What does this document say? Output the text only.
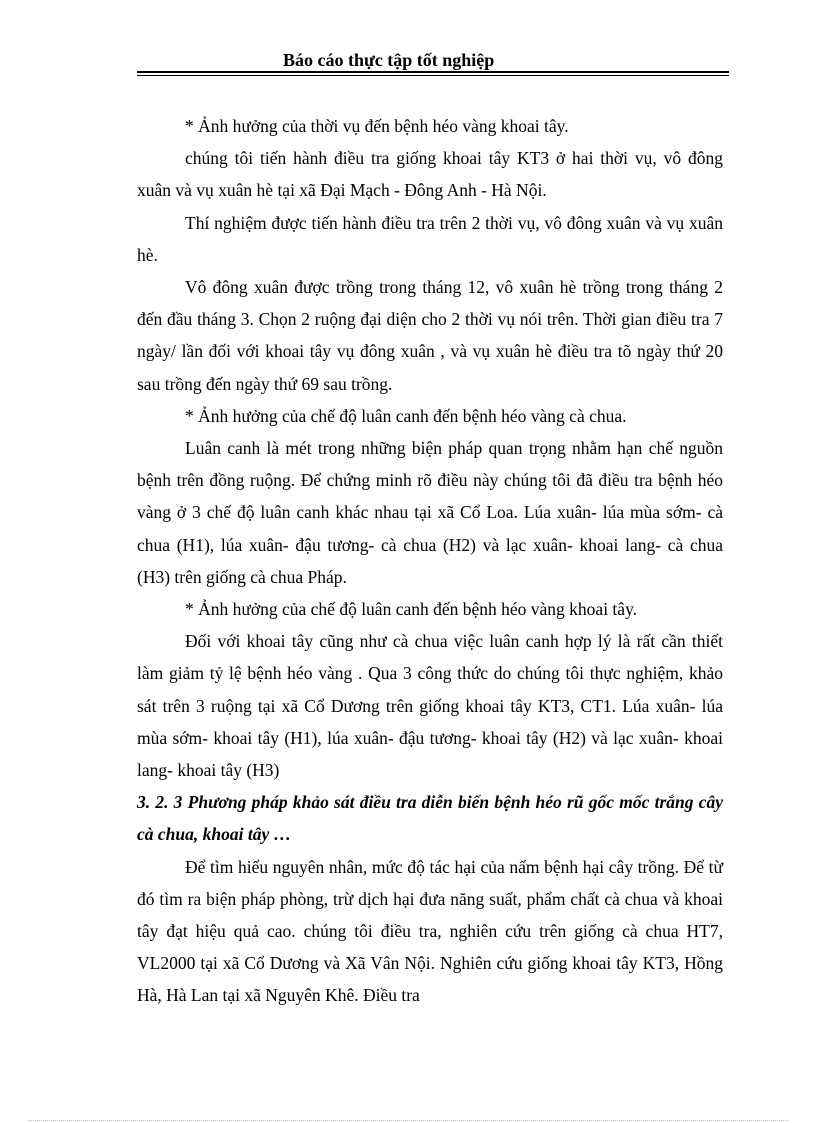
Báo cáo thực tập tốt nghiệp

* Ảnh hưởng của thời vụ đến bệnh héo vàng khoai tây.

chúng tôi tiến hành điều tra giống khoai tây KT3 ở hai thời vụ, vô đông xuân và vụ xuân hè tại xã Đại Mạch - Đông Anh - Hà Nội.

Thí nghiệm được tiến hành điều tra trên 2 thời vụ, vô đông xuân và vụ xuân hè.

Vô đông xuân được trồng trong tháng 12, vô xuân hè trồng trong tháng 2 đến đầu tháng 3. Chọn 2 ruộng đại diện cho 2 thời vụ nói trên. Thời gian điều tra 7 ngày/ lần đối với khoai tây vụ đông xuân , và vụ xuân hè điều tra tõ ngày thứ 20 sau trồng đến ngày thứ 69 sau trồng.

* Ảnh hưởng của chế độ luân canh đến bệnh héo vàng cà chua.

Luân canh là mét trong những biện pháp quan trọng nhằm hạn chế nguồn bệnh trên đồng ruộng. Để chứng minh rõ điều này chúng tôi đã điều tra bệnh héo vàng ở 3 chế độ luân canh khác nhau tại xã Cổ Loa. Lúa xuân- lúa mùa sớm- cà chua (H1), lúa xuân- đậu tương- cà chua (H2) và lạc xuân- khoai lang- cà chua (H3) trên giống cà chua Pháp.

* Ảnh hưởng của chế độ luân canh đến bệnh héo vàng khoai tây.

Đối với khoai tây cũng như cà chua việc luân canh hợp lý là rất cần thiết làm giảm tỷ lệ bệnh héo vàng . Qua 3 công thức do chúng tôi thực nghiệm, khảo sát trên 3 ruộng tại xã Cổ Dương trên giống khoai tây KT3, CT1. Lúa xuân- lúa mùa sớm- khoai tây (H1), lúa xuân- đậu tương- khoai tây (H2) và lạc xuân- khoai lang- khoai tây (H3)

3. 2. 3 Phương pháp khảo sát điều tra diễn biến bệnh héo rũ gốc mốc trắng cây cà chua, khoai tây …

Để tìm hiểu nguyên nhân, mức độ tác hại của nấm bệnh hại cây trồng. Để từ đó tìm ra biện pháp phòng, trừ dịch hại đưa năng suất, phẩm chất cà chua và khoai tây đạt hiệu quả cao. chúng tôi điều tra, nghiên cứu trên giống cà chua HT7, VL2000 tại xã Cổ Dương và Xã Vân Nội. Nghiên cứu giống khoai tây KT3, Hồng Hà, Hà Lan tại xã Nguyên Khê. Điều tra
